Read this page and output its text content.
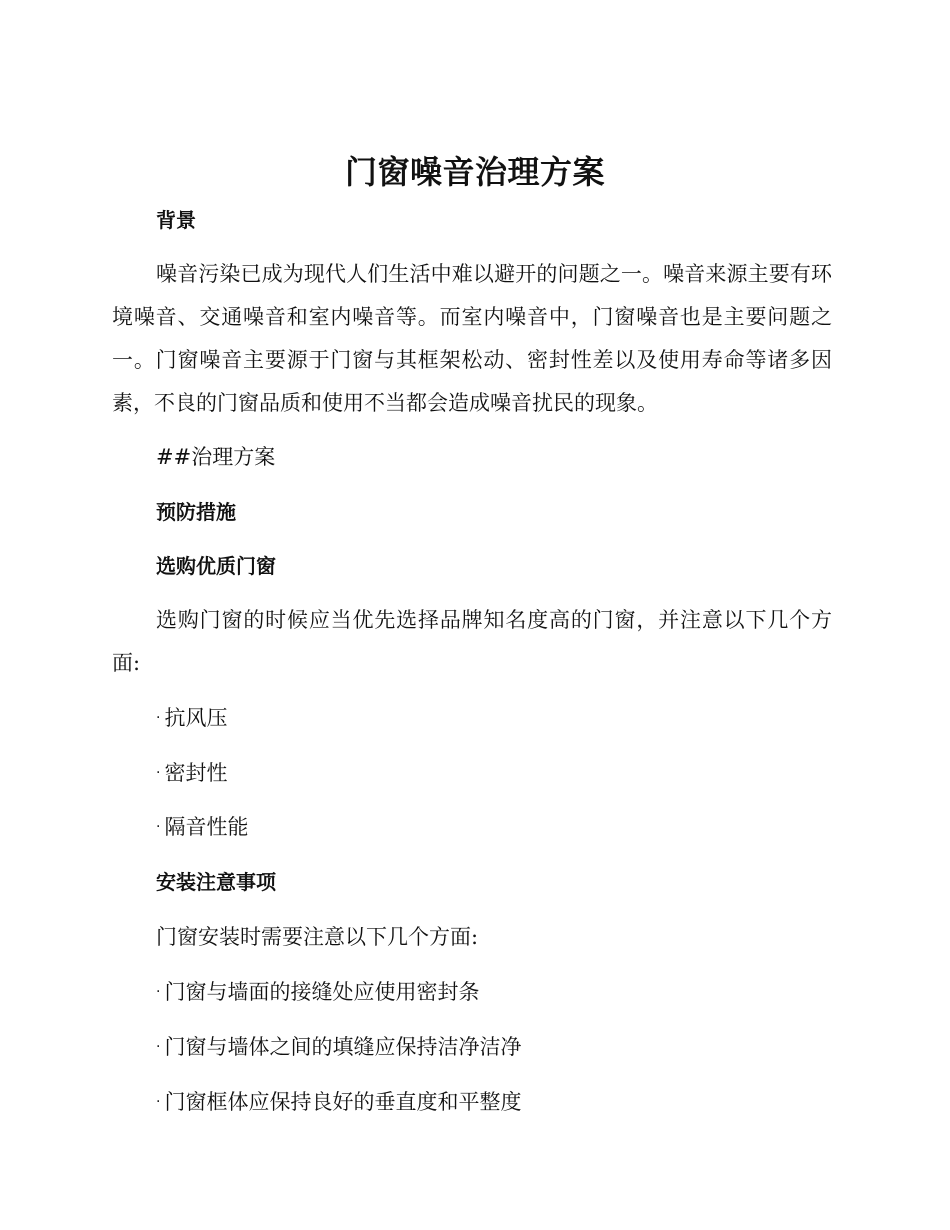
门窗噪音治理方案
背景

噪音污染已成为现代人们生活中难以避开的问题之一。噪音来源主要有环境噪音、交通噪音和室内噪音等。而室内噪音中，门窗噪音也是主要问题之一。门窗噪音主要源于门窗与其框架松动、密封性差以及使用寿命等诸多因素，不良的门窗品质和使用不当都会造成噪音扰民的现象。

##治理方案

预防措施
选购优质门窗

选购门窗的时候应当优先选择品牌知名度高的门窗，并注意以下几个方面:

· 抗风压

· 密封性

· 隔音性能

安装注意事项

门窗安装时需要注意以下几个方面:

· 门窗与墙面的接缝处应使用密封条

· 门窗与墙体之间的填缝应保持洁净洁净

· 门窗框体应保持良好的垂直度和平整度
